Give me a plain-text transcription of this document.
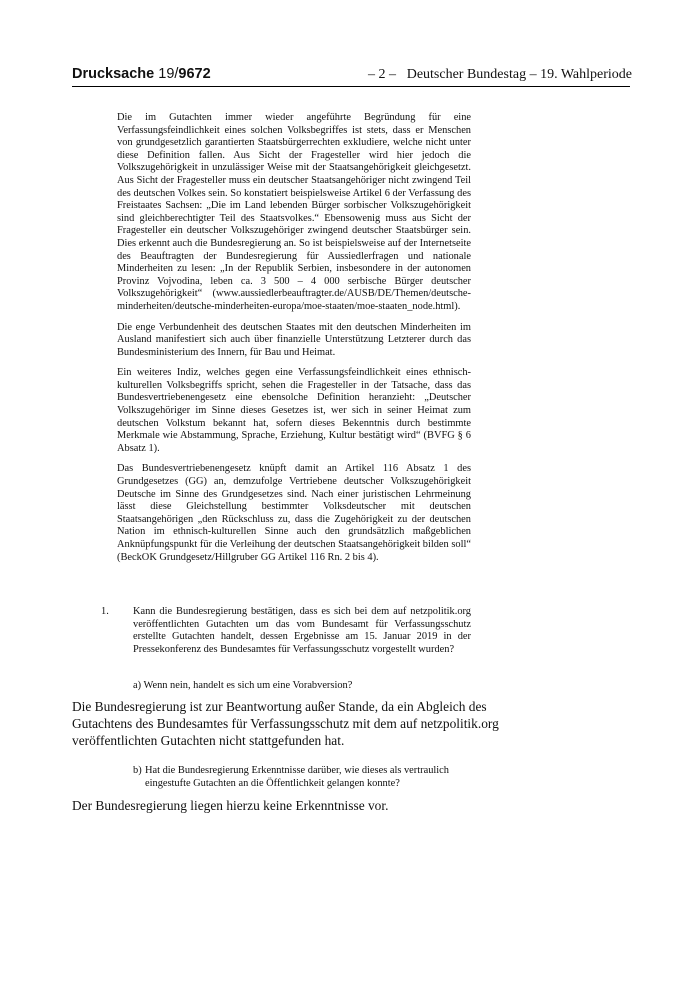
Drucksache 19/9672	– 2 – Deutscher Bundestag – 19. Wahlperiode

Die im Gutachten immer wieder angeführte Begründung für eine Verfassungsfeindlichkeit eines solchen Volksbegriffes ist stets, dass er Menschen von grundgesetzlich garantierten Staatsbürgerrechten exkludiere, welche nicht unter diese Definition fallen. Aus Sicht der Fragesteller wird hier jedoch die Volkszugehörigkeit in unzulässiger Weise mit der Staatsangehörigkeit gleichgesetzt. Aus Sicht der Fragesteller muss ein deutscher Staatsangehöriger nicht zwingend Teil des deutschen Volkes sein. So konstatiert beispielsweise Artikel 6 der Verfassung des Freistaates Sachsen: „Die im Land lebenden Bürger sorbischer Volkszugehörigkeit sind gleichberechtigter Teil des Staatsvolkes.“ Ebensowenig muss aus Sicht der Fragesteller ein deutscher Volkszugehöriger zwingend deutscher Staatsbürger sein. Dies erkennt auch die Bundesregierung an. So ist beispielsweise auf der Internetseite des Beauftragten der Bundesregierung für Aussiedlerfragen und nationale Minderheiten zu lesen: „In der Republik Serbien, insbesondere in der autonomen Provinz Vojvodina, leben ca. 3 500 – 4 000 serbische Bürger deutscher Volkszugehörigkeit“ (www.aussiedlerbeauftragter.de/AUSB/DE/Themen/deutsche-minderheiten/deutsche-minderheiten-europa/moe-staaten/moe-staaten_node.html).

Die enge Verbundenheit des deutschen Staates mit den deutschen Minderheiten im Ausland manifestiert sich auch über finanzielle Unterstützung Letzterer durch das Bundesministerium des Innern, für Bau und Heimat.

Ein weiteres Indiz, welches gegen eine Verfassungsfeindlichkeit eines ethnisch-kulturellen Volksbegriffs spricht, sehen die Fragesteller in der Tatsache, dass das Bundesvertriebenengesetz eine ebensolche Definition heranzieht: „Deutscher Volkszugehöriger im Sinne dieses Gesetzes ist, wer sich in seiner Heimat zum deutschen Volkstum bekannt hat, sofern dieses Bekenntnis durch bestimmte Merkmale wie Abstammung, Sprache, Erziehung, Kultur bestätigt wird“ (BVFG § 6 Absatz 1).

Das Bundesvertriebenengesetz knüpft damit an Artikel 116 Absatz 1 des Grundgesetzes (GG) an, demzufolge Vertriebene deutscher Volkszugehörigkeit Deutsche im Sinne des Grundgesetzes sind. Nach einer juristischen Lehrmeinung lässt diese Gleichstellung bestimmter Volksdeutscher mit deutschen Staatsangehörigen „den Rückschluss zu, dass die Zugehörigkeit zu der deutschen Nation im ethnisch-kulturellen Sinne auch den grundsätzlich maßgeblichen Anknüpfungspunkt für die Verleihung der deutschen Staatsangehörigkeit bilden soll“ (BeckOK Grundgesetz/Hillgruber GG Artikel 116 Rn. 2 bis 4).

1.	Kann die Bundesregierung bestätigen, dass es sich bei dem auf netzpolitik.org veröffentlichten Gutachten um das vom Bundesamt für Verfassungsschutz erstellte Gutachten handelt, dessen Ergebnisse am 15. Januar 2019 in der Pressekonferenz des Bundesamtes für Verfassungsschutz vorgestellt wurden?
a) Wenn nein, handelt es sich um eine Vorabversion?
Die Bundesregierung ist zur Beantwortung außer Stande, da ein Abgleich des Gutachtens des Bundesamtes für Verfassungsschutz mit dem auf netzpolitik.org veröffentlichten Gutachten nicht stattgefunden hat.
b) Hat die Bundesregierung Erkenntnisse darüber, wie dieses als vertraulich eingestufte Gutachten an die Öffentlichkeit gelangen konnte?
Der Bundesregierung liegen hierzu keine Erkenntnisse vor.
